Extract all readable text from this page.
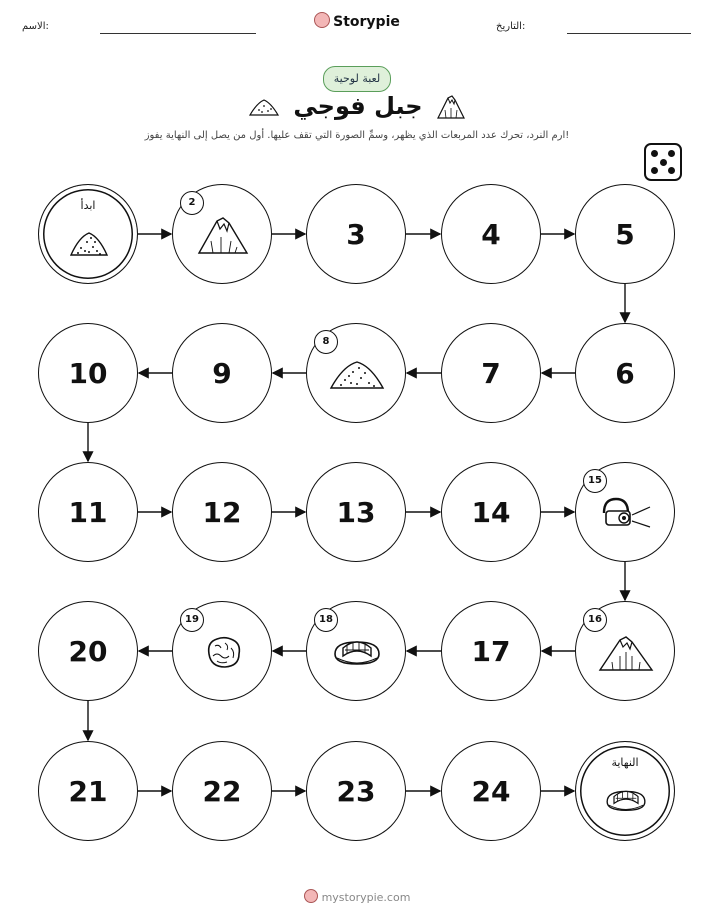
الاسم:	Storypie	التاريخ:
لعبة لوحية
جبل فوجي
ارم النرد، تحرك عدد المربعات الذي يظهر، وسمِّ الصورة التي تقف عليها. أول من يصل إلى النهاية يفوز!
ابدأ
3	4	5
10	9	7	6
11	12	13	14
20	17
21	22	23	24
النهاية
2
8
15
16
18
19
mystorypie.com
